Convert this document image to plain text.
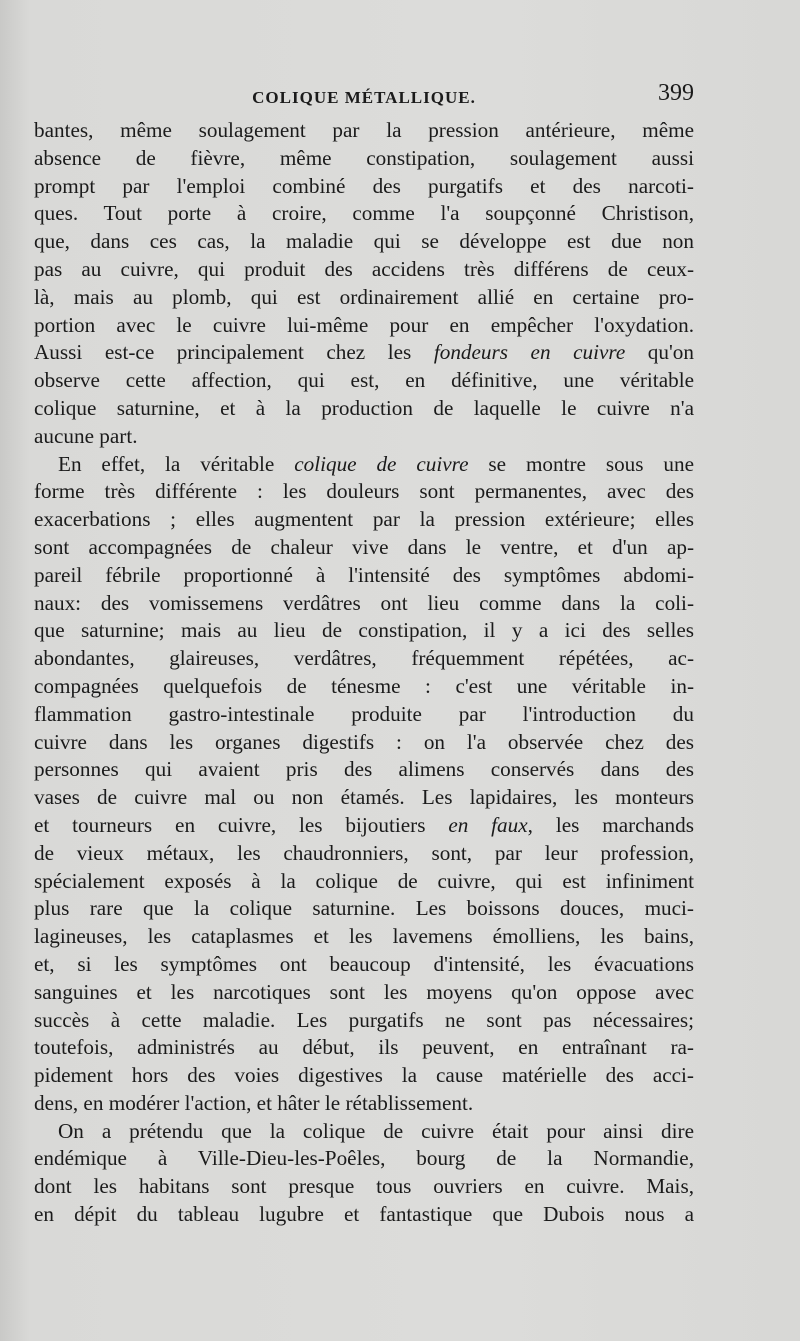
COLIQUE MÉTALLIQUE.	399
bantes, même soulagement par la pression antérieure, même
absence de fièvre, même constipation, soulagement aussi
prompt par l'emploi combiné des purgatifs et des narcoti-
ques. Tout porte à croire, comme l'a soupçonné Christison,
que, dans ces cas, la maladie qui se développe est due non
pas au cuivre, qui produit des accidens très différens de ceux-
là, mais au plomb, qui est ordinairement allié en certaine pro-
portion avec le cuivre lui-même pour en empêcher l'oxydation.
Aussi est-ce principalement chez les fondeurs en cuivre qu'on
observe cette affection, qui est, en définitive, une véritable
colique saturnine, et à la production de laquelle le cuivre n'a
aucune part.
En effet, la véritable colique de cuivre se montre sous une
forme très différente : les douleurs sont permanentes, avec des
exacerbations ; elles augmentent par la pression extérieure; elles
sont accompagnées de chaleur vive dans le ventre, et d'un ap-
pareil fébrile proportionné à l'intensité des symptômes abdomi-
naux: des vomissemens verdâtres ont lieu comme dans la coli-
que saturnine; mais au lieu de constipation, il y a ici des selles
abondantes, glaireuses, verdâtres, fréquemment répétées, ac-
compagnées quelquefois de ténesme : c'est une véritable in-
flammation gastro-intestinale produite par l'introduction du
cuivre dans les organes digestifs : on l'a observée chez des
personnes qui avaient pris des alimens conservés dans des
vases de cuivre mal ou non étamés. Les lapidaires, les monteurs
et tourneurs en cuivre, les bijoutiers en faux, les marchands
de vieux métaux, les chaudronniers, sont, par leur profession,
spécialement exposés à la colique de cuivre, qui est infiniment
plus rare que la colique saturnine. Les boissons douces, muci-
lagineuses, les cataplasmes et les lavemens émolliens, les bains,
et, si les symptômes ont beaucoup d'intensité, les évacuations
sanguines et les narcotiques sont les moyens qu'on oppose avec
succès à cette maladie. Les purgatifs ne sont pas nécessaires;
toutefois, administrés au début, ils peuvent, en entraînant ra-
pidement hors des voies digestives la cause matérielle des acci-
dens, en modérer l'action, et hâter le rétablissement.
On a prétendu que la colique de cuivre était pour ainsi dire
endémique à Ville-Dieu-les-Poêles, bourg de la Normandie,
dont les habitans sont presque tous ouvriers en cuivre. Mais,
en dépit du tableau lugubre et fantastique que Dubois nous a
